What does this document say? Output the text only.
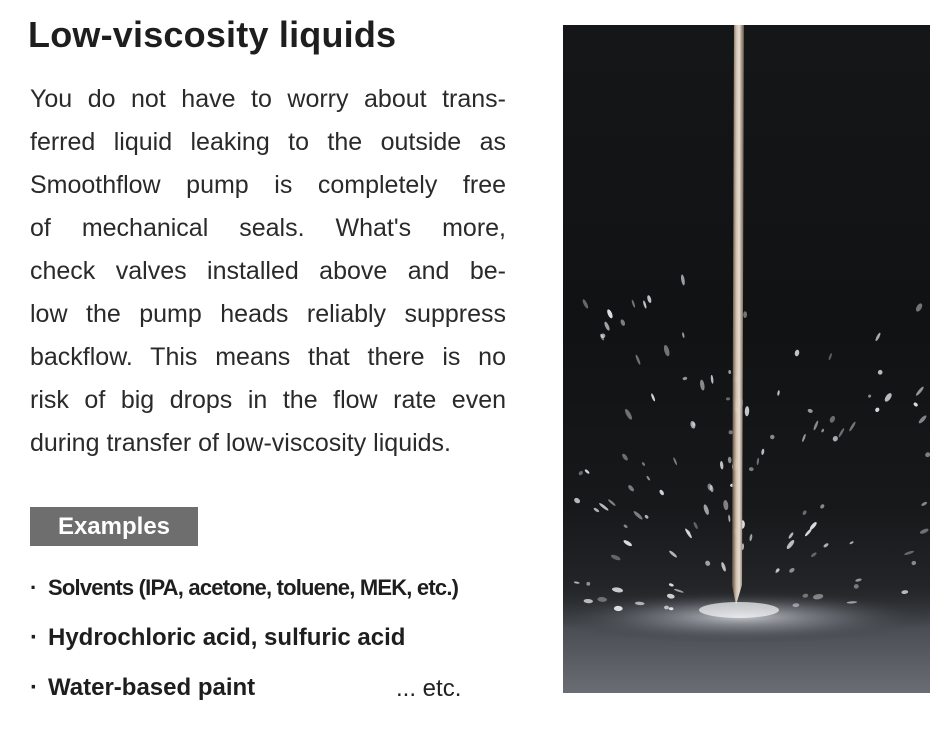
Low-viscosity liquids
You do not have to worry about trans-
ferred liquid leaking to the outside as
Smoothflow pump is completely free
of mechanical seals. What's more,
check valves installed above and be-
low the pump heads reliably suppress
backflow. This means that there is no
risk of big drops in the flow rate even
during transfer of low-viscosity liquids.
Examples
· Solvents (IPA, acetone, toluene, MEK, etc.)
· Hydrochloric acid, sulfuric acid
· Water-based paint	... etc.
